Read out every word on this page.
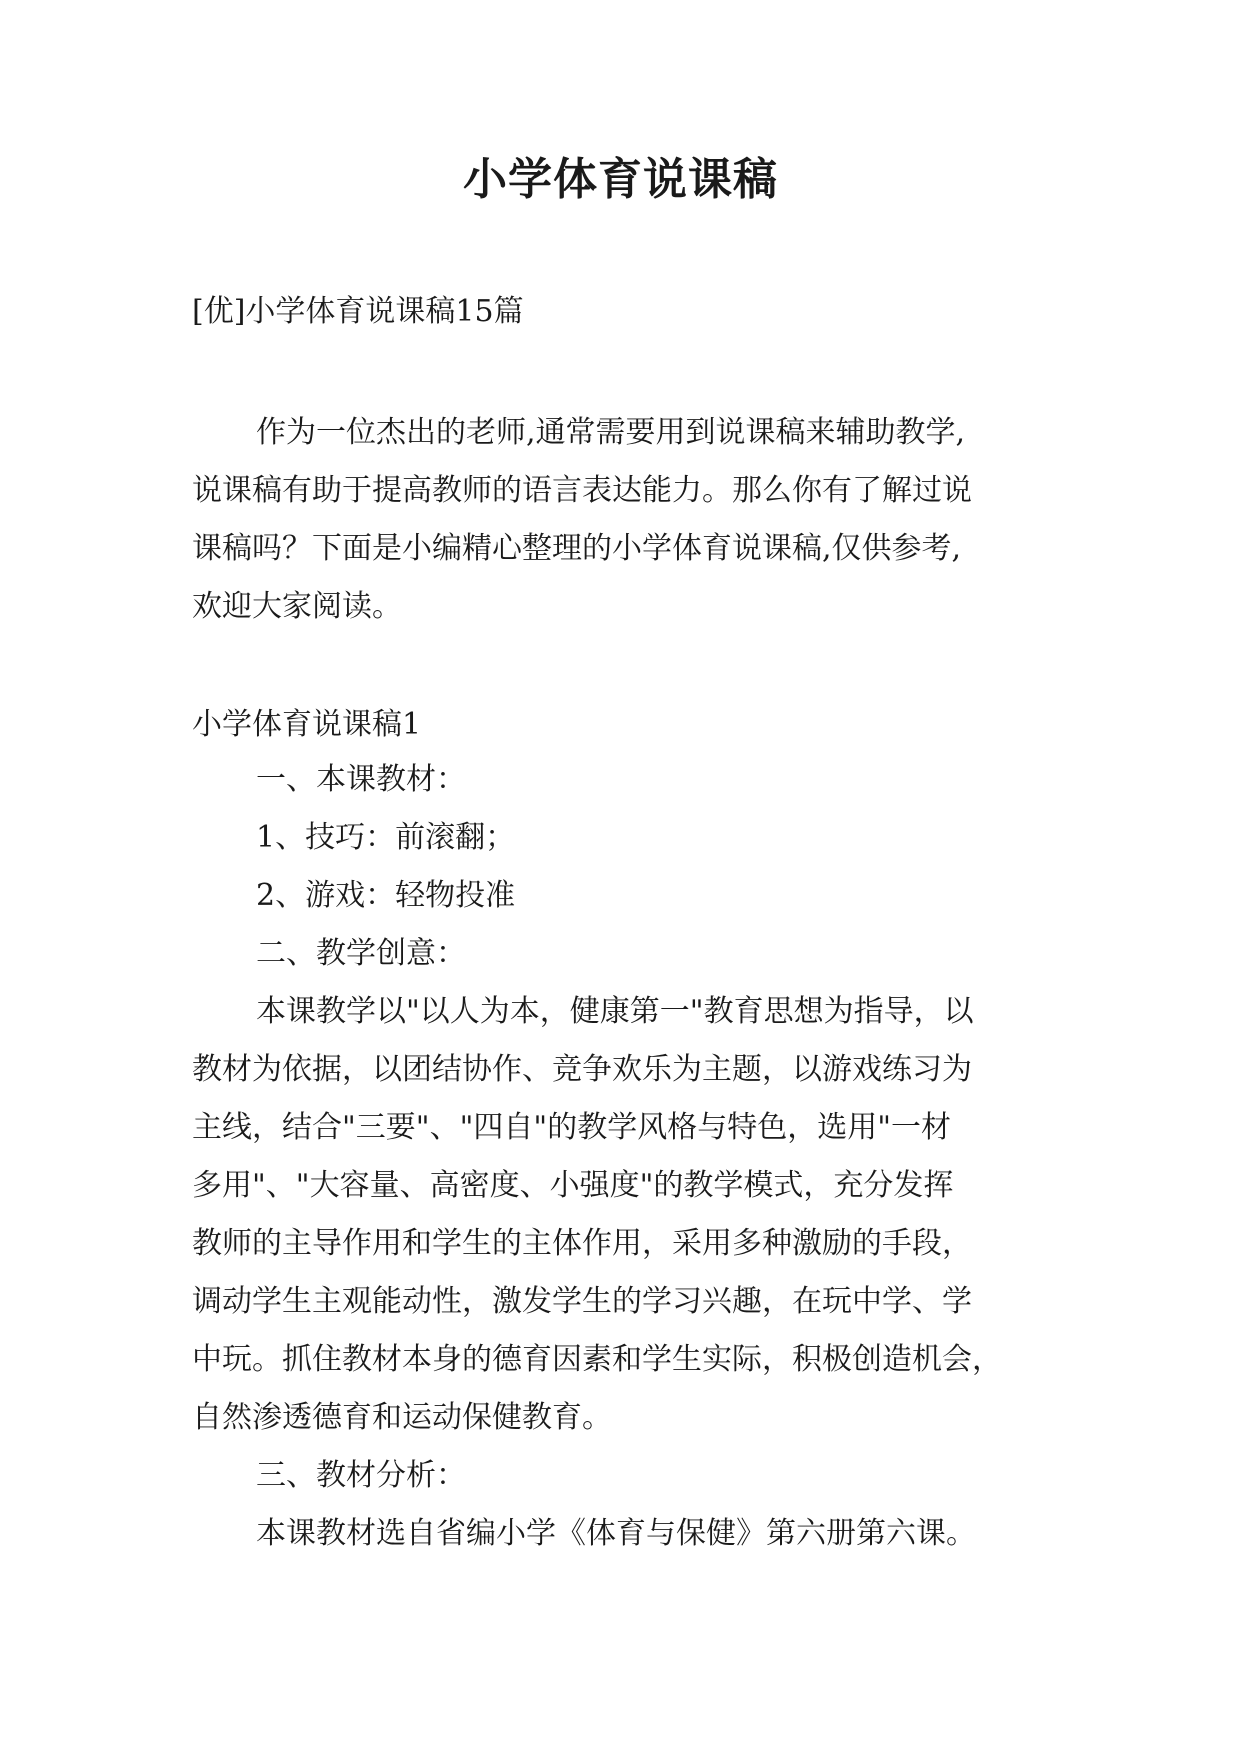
小学体育说课稿
[优]小学体育说课稿15篇
作为一位杰出的老师,通常需要用到说课稿来辅助教学,
说课稿有助于提高教师的语言表达能力。那么你有了解过说
课稿吗？下面是小编精心整理的小学体育说课稿,仅供参考,
欢迎大家阅读。
小学体育说课稿1
一、本课教材：
1、技巧：前滚翻；
2、游戏：轻物投准
二、教学创意：
本课教学以"以人为本，健康第一"教育思想为指导，以
教材为依据，以团结协作、竞争欢乐为主题，以游戏练习为
主线，结合"三要"、"四自"的教学风格与特色，选用"一材
多用"、"大容量、高密度、小强度"的教学模式，充分发挥
教师的主导作用和学生的主体作用，采用多种激励的手段，
调动学生主观能动性，激发学生的学习兴趣，在玩中学、学
中玩。抓住教材本身的德育因素和学生实际，积极创造机会，
自然渗透德育和运动保健教育。
三、教材分析：
本课教材选自省编小学《体育与保健》第六册第六课。
